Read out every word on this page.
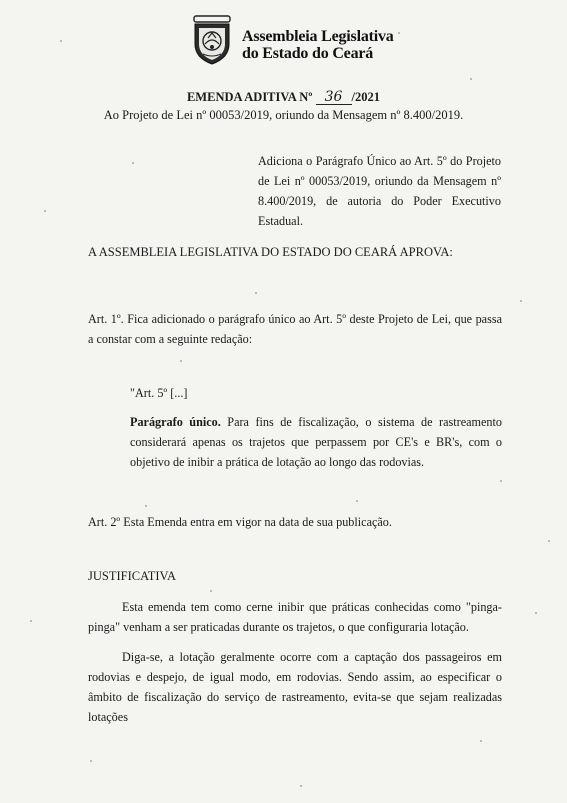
Assembleia Legislativa
do Estado do Ceará
EMENDA ADITIVA Nº 36 /2021
Ao Projeto de Lei nº 00053/2019, oriundo da Mensagem nº 8.400/2019.
Adiciona o Parágrafo Único ao Art. 5º do Projeto de Lei nº 00053/2019, oriundo da Mensagem nº 8.400/2019, de autoria do Poder Executivo Estadual.
A ASSEMBLEIA LEGISLATIVA DO ESTADO DO CEARÁ APROVA:
Art. 1º. Fica adicionado o parágrafo único ao Art. 5º deste Projeto de Lei, que passa a constar com a seguinte redação:
"Art. 5º [...]
Parágrafo único. Para fins de fiscalização, o sistema de rastreamento considerará apenas os trajetos que perpassem por CE's e BR's, com o objetivo de inibir a prática de lotação ao longo das rodovias.
Art. 2º Esta Emenda entra em vigor na data de sua publicação.
JUSTIFICATIVA
Esta emenda tem como cerne inibir que práticas conhecidas como "pinga-pinga" venham a ser praticadas durante os trajetos, o que configuraria lotação.
Diga-se, a lotação geralmente ocorre com a captação dos passageiros em rodovias e despejo, de igual modo, em rodovias. Sendo assim, ao especificar o âmbito de fiscalização do serviço de rastreamento, evita-se que sejam realizadas lotações
